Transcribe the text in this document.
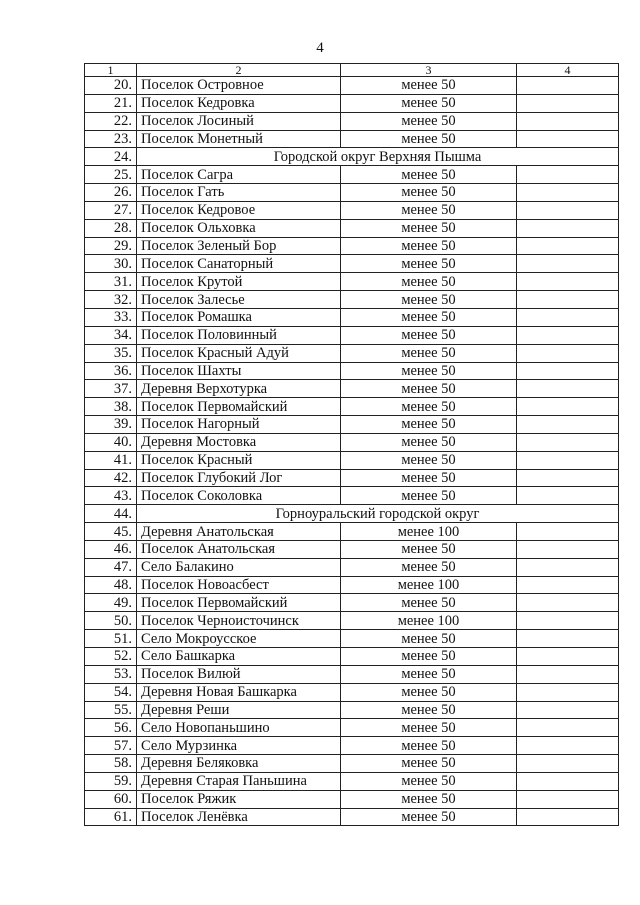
4
1	2	3	4
20.	Поселок Островное	менее 50	
21.	Поселок Кедровка	менее 50	
22.	Поселок Лосиный	менее 50	
23.	Поселок Монетный	менее 50	
24.	Городской округ Верхняя Пышма		
25.	Поселок Сагра	менее 50	
26.	Поселок Гать	менее 50	
27.	Поселок Кедровое	менее 50	
28.	Поселок Ольховка	менее 50	
29.	Поселок Зеленый Бор	менее 50	
30.	Поселок Санаторный	менее 50	
31.	Поселок Крутой	менее 50	
32.	Поселок Залесье	менее 50	
33.	Поселок Ромашка	менее 50	
34.	Поселок Половинный	менее 50	
35.	Поселок Красный Адуй	менее 50	
36.	Поселок Шахты	менее 50	
37.	Деревня Верхотурка	менее 50	
38.	Поселок Первомайский	менее 50	
39.	Поселок Нагорный	менее 50	
40.	Деревня Мостовка	менее 50	
41.	Поселок Красный	менее 50	
42.	Поселок Глубокий Лог	менее 50	
43.	Поселок Соколовка	менее 50	
44.	Горноуральский городской округ		
45.	Деревня Анатольская	менее 100	
46.	Поселок Анатольская	менее 50	
47.	Село Балакино	менее 50	
48.	Поселок Новоасбест	менее 100	
49.	Поселок Первомайский	менее 50	
50.	Поселок Черноисточинск	менее 100	
51.	Село Мокроусское	менее 50	
52.	Село Башкарка	менее 50	
53.	Поселок Вилюй	менее 50	
54.	Деревня Новая Башкарка	менее 50	
55.	Деревня Реши	менее 50	
56.	Село Новопаньшино	менее 50	
57.	Село Мурзинка	менее 50	
58.	Деревня Беляковка	менее 50	
59.	Деревня Старая Паньшина	менее 50	
60.	Поселок Ряжик	менее 50	
61.	Поселок Ленёвка	менее 50	
